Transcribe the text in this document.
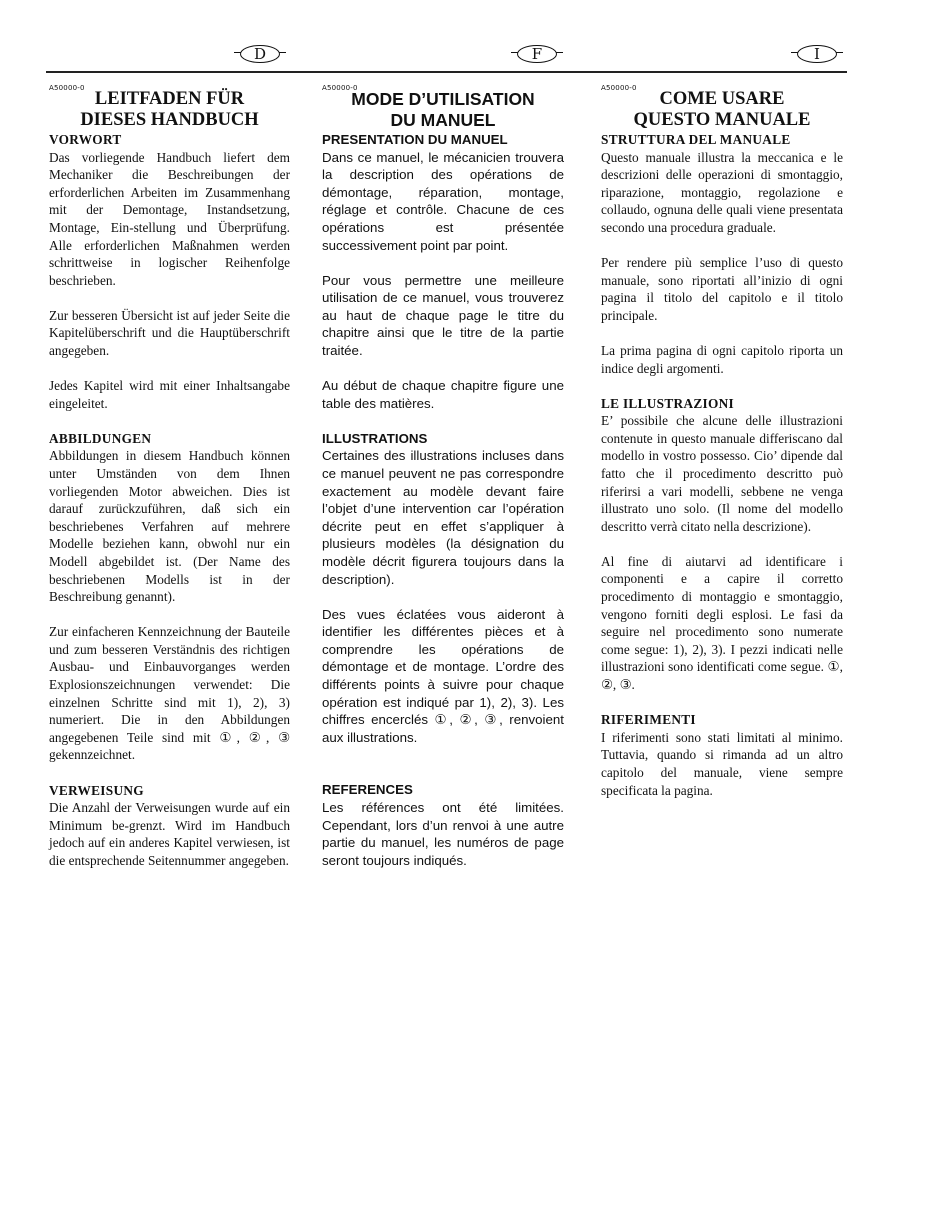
D	F	I
A50000-0
LEITFADEN FÜR
DIESES HANDBUCH
VORWORT

Das vorliegende Handbuch liefert dem Mechaniker die Beschreibungen der erforderlichen Arbeiten im Zusammenhang mit der Demontage, Instandsetzung, Montage, Ein-stellung und Überprüfung. Alle erforderlichen Maßnahmen werden schrittweise in logischer Reihenfolge beschrieben.

Zur besseren Übersicht ist auf jeder Seite die Kapitelüberschrift und die Hauptüberschrift angegeben.

Jedes Kapitel wird mit einer Inhaltsangabe eingeleitet.

ABBILDUNGEN

Abbildungen in diesem Handbuch können unter Umständen von dem Ihnen vorliegenden Motor abweichen. Dies ist darauf zurückzuführen, daß sich ein beschriebenes Verfahren auf mehrere Modelle beziehen kann, obwohl nur ein Modell abgebildet ist. (Der Name des beschriebenen Modells ist in der Beschreibung genannt).

Zur einfacheren Kennzeichnung der Bauteile und zum besseren Verständnis des richtigen Ausbau- und Einbauvorganges werden Explosionszeichnungen verwendet: Die einzelnen Schritte sind mit 1), 2), 3) numeriert. Die in den Abbildungen angegebenen Teile sind mit ①, ②, ③ gekennzeichnet.

VERWEISUNG

Die Anzahl der Verweisungen wurde auf ein Minimum be-grenzt. Wird im Handbuch jedoch auf ein anderes Kapitel verwiesen, ist die entsprechende Seitennummer angegeben.

A50000-0
MODE D’UTILISATION
DU MANUEL
PRESENTATION DU MANUEL

Dans ce manuel, le mécanicien trouvera la description des opérations de démontage, réparation, montage, réglage et contrôle. Chacune de ces opérations est présentée successivement point par point.

Pour vous permettre une meilleure utilisation de ce manuel, vous trouverez au haut de chaque page le titre du chapitre ainsi que le titre de la partie traitée.

Au début de chaque chapitre figure une table des matières.

ILLUSTRATIONS

Certaines des illustrations incluses dans ce manuel peuvent ne pas correspondre exactement au modèle devant faire l’objet d’une intervention car l’opération décrite peut en effet s’appliquer à plusieurs modèles (la désignation du modèle décrit figurera toujours dans la description).

Des vues éclatées vous aideront à identifier les différentes pièces et à comprendre les opérations de démontage et de montage. L’ordre des différents points à suivre pour chaque opération est indiqué par 1), 2), 3). Les chiffres encerclés ①, ②, ③, renvoient aux illustrations.

REFERENCES

Les références ont été limitées. Cependant, lors d’un renvoi à une autre partie du manuel, les numéros de page seront toujours indiqués.

A50000-0
COME USARE
QUESTO MANUALE
STRUTTURA DEL MANUALE

Questo manuale illustra la meccanica e le descrizioni delle operazioni di smontaggio, riparazione, montaggio, regolazione e collaudo, ognuna delle quali viene presentata secondo una procedura graduale.

Per rendere più semplice l’uso di questo manuale, sono riportati all’inizio di ogni pagina il titolo del capitolo e il titolo principale.

La prima pagina di ogni capitolo riporta un indice degli argomenti.

LE ILLUSTRAZIONI

E’ possibile che alcune delle illustrazioni contenute in questo manuale differiscano dal modello in vostro possesso. Cio’ dipende dal fatto che il procedimento descritto può riferirsi a vari modelli, sebbene ne venga illustrato uno solo. (Il nome del modello descritto verrà citato nella descrizione).

Al fine di aiutarvi ad identificare i componenti e a capire il corretto procedimento di montaggio e smontaggio, vengono forniti degli esplosi. Le fasi da seguire nel procedimento sono numerate come segue: 1), 2), 3). I pezzi indicati nelle illustrazioni sono identificati come segue. ①, ②, ③.

RIFERIMENTI

I riferimenti sono stati limitati al minimo. Tuttavia, quando si rimanda ad un altro capitolo del manuale, viene sempre specificata la pagina.
